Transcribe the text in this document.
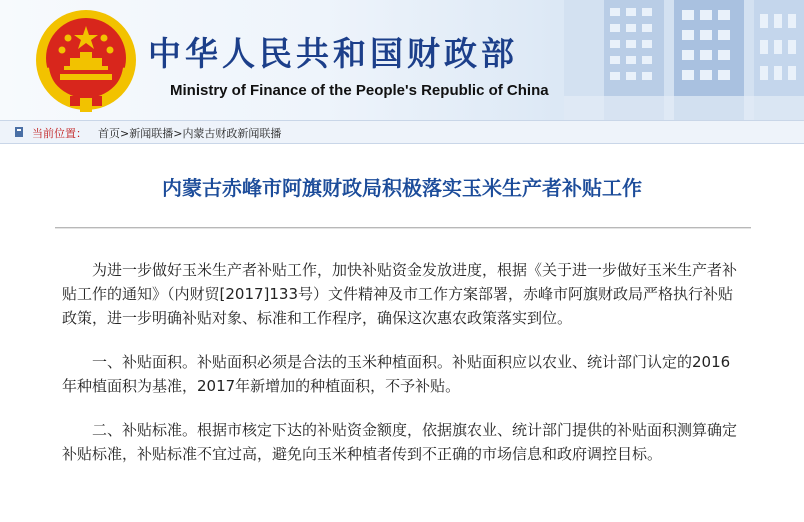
中华人民共和国财政部
Ministry of Finance of the People's Republic of China
当前位置： 首页>新闻联播>内蒙古财政新闻联播
内蒙古赤峰市阿旗财政局积极落实玉米生产者补贴工作

为进一步做好玉米生产者补贴工作，加快补贴资金发放进度，根据《关于进一步做好玉米生产者补贴工作的通知》（内财贸[2017]133号）文件精神及市工作方案部署，赤峰市阿旗财政局严格执行补贴政策，进一步明确补贴对象、标准和工作程序，确保这次惠农政策落实到位。

一、补贴面积。补贴面积必须是合法的玉米种植面积。补贴面积应以农业、统计部门认定的2016年种植面积为基准，2017年新增加的种植面积，不予补贴。

二、补贴标准。根据市核定下达的补贴资金额度，依据旗农业、统计部门提供的补贴面积测算确定补贴标准，补贴标准不宜过高，避免向玉米种植者传到不正确的市场信息和政府调控目标。
